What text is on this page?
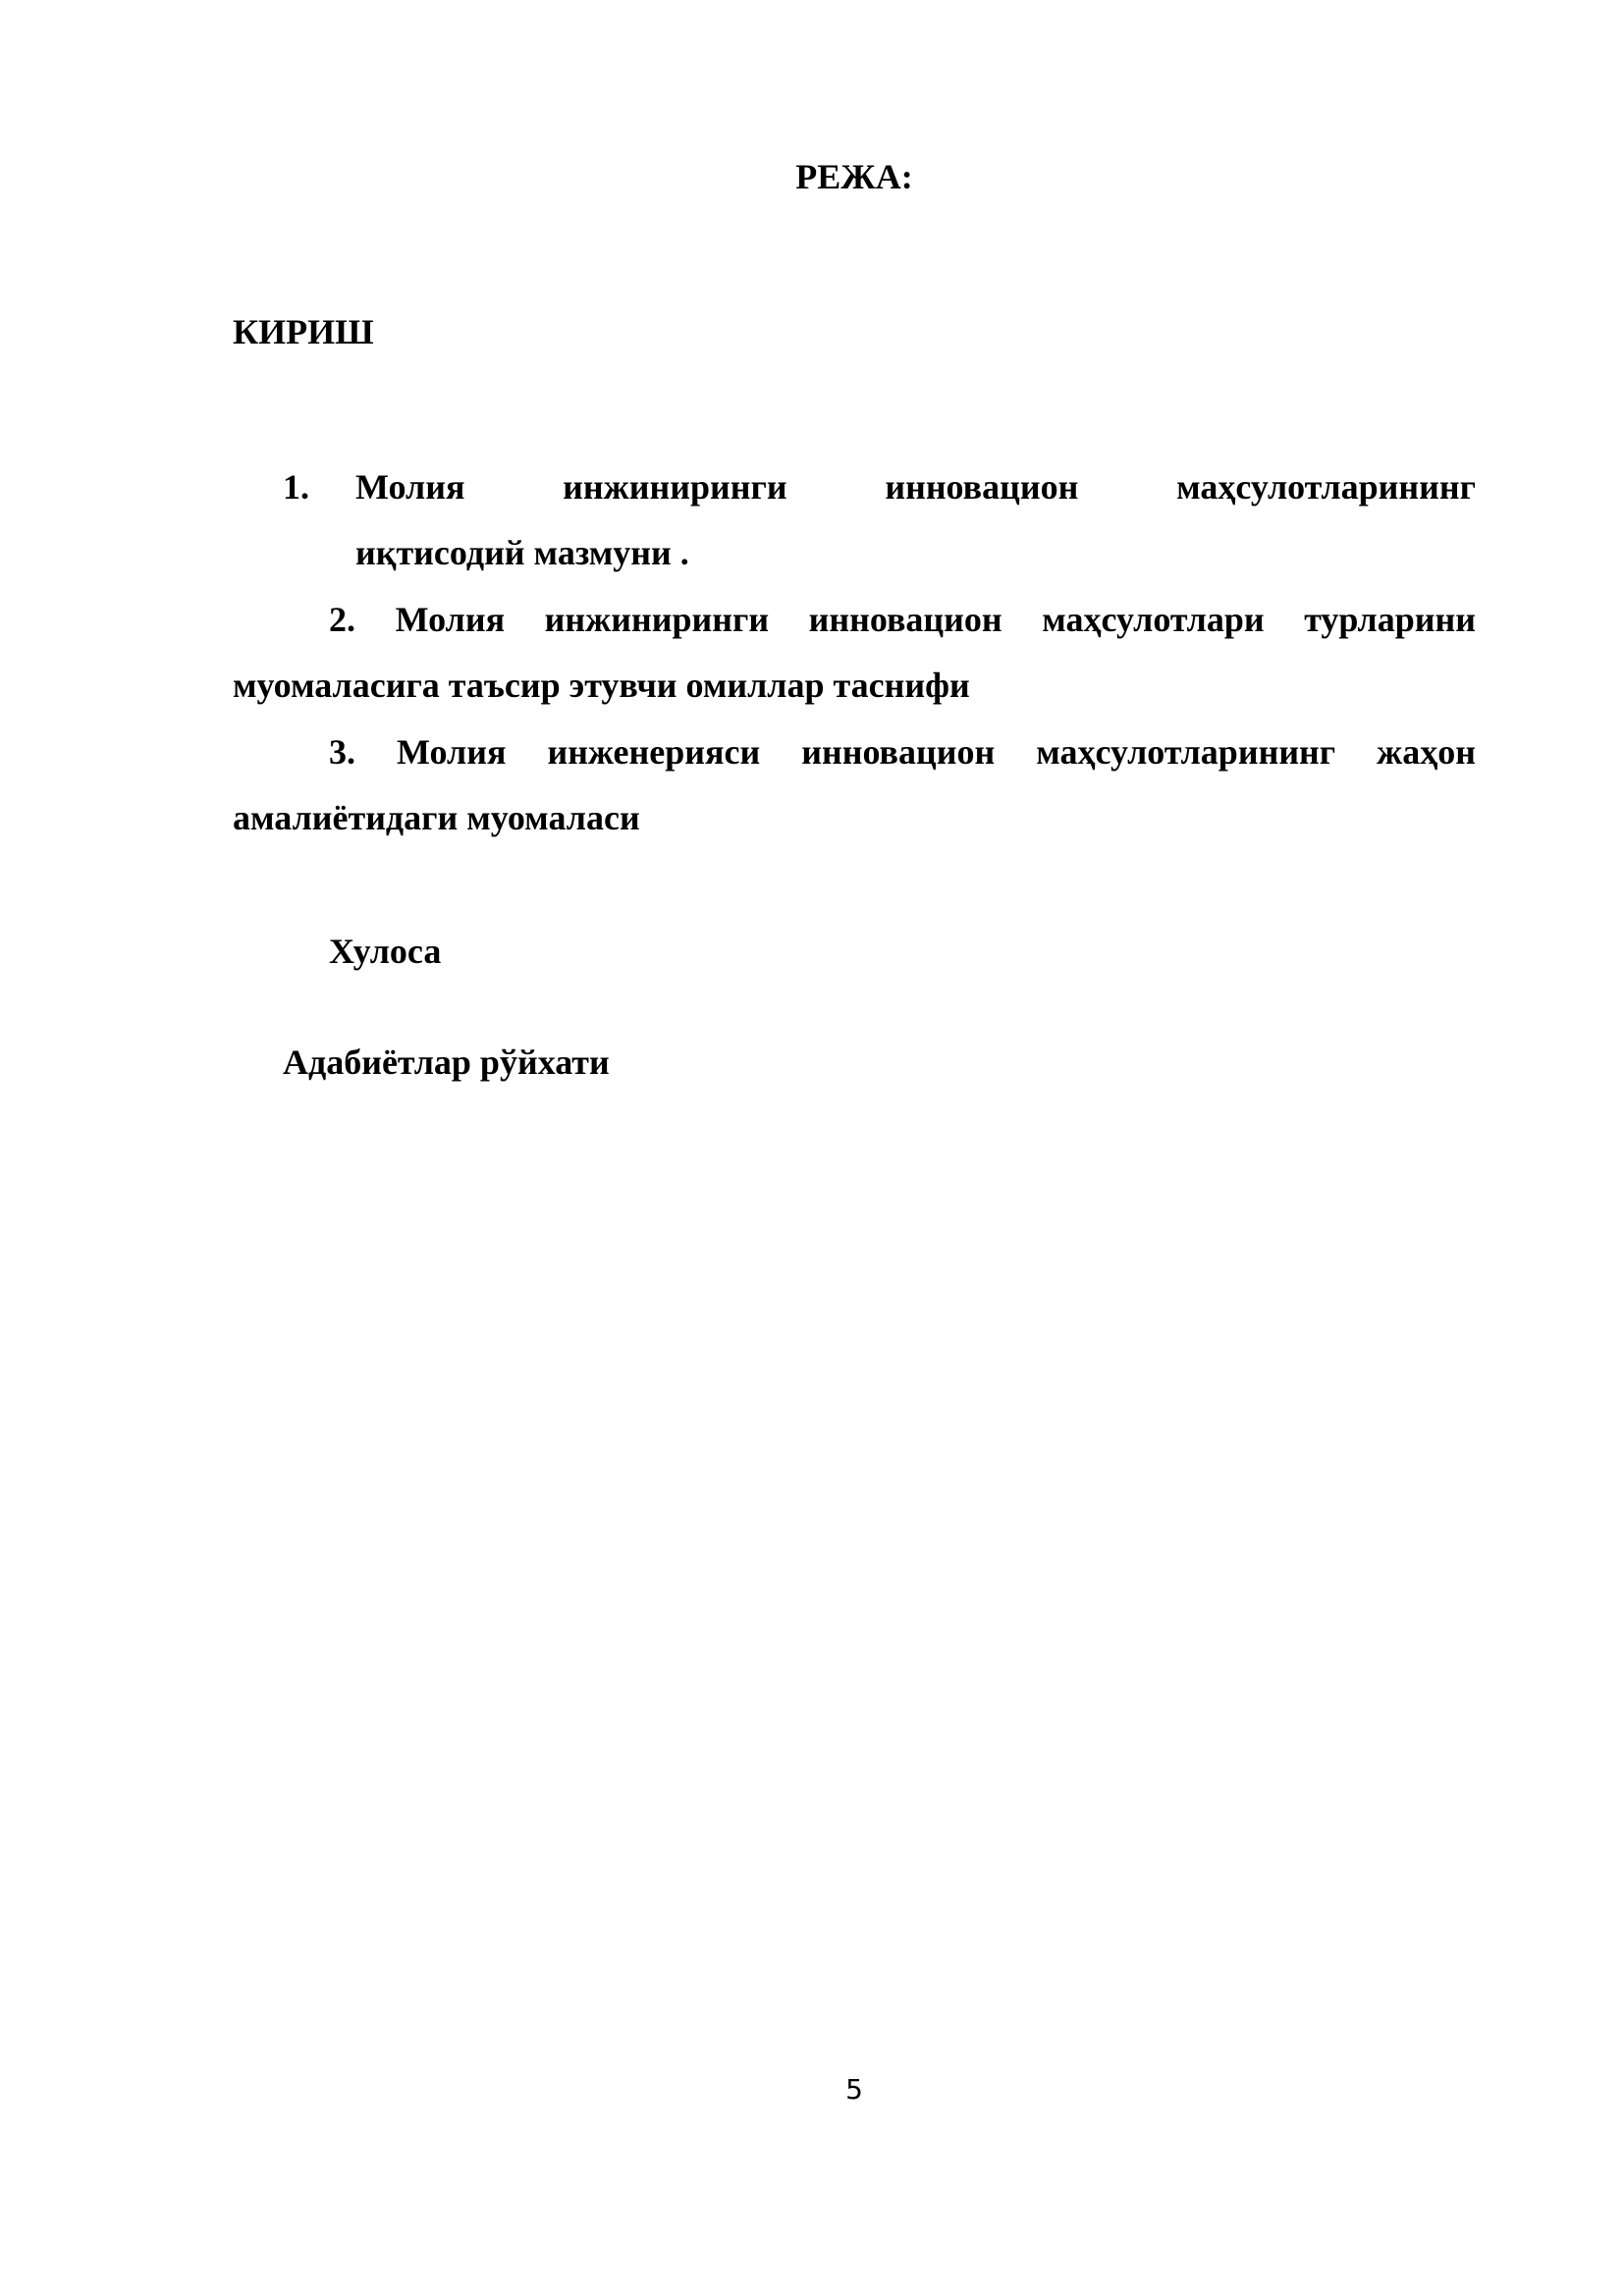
РЕЖА:
КИРИШ
1. Молия инжиниринги инновацион маҳсулотларининг
иқтисодий мазмуни .
2. Молия инжиниринги инновацион маҳсулотлари турларини
муомаласига таъсир этувчи омиллар таснифи
3. Молия инженерияси инновацион маҳсулотларининг жаҳон
амалиётидаги муомаласи
Хулоса
Адабиётлар рўйхати
5
